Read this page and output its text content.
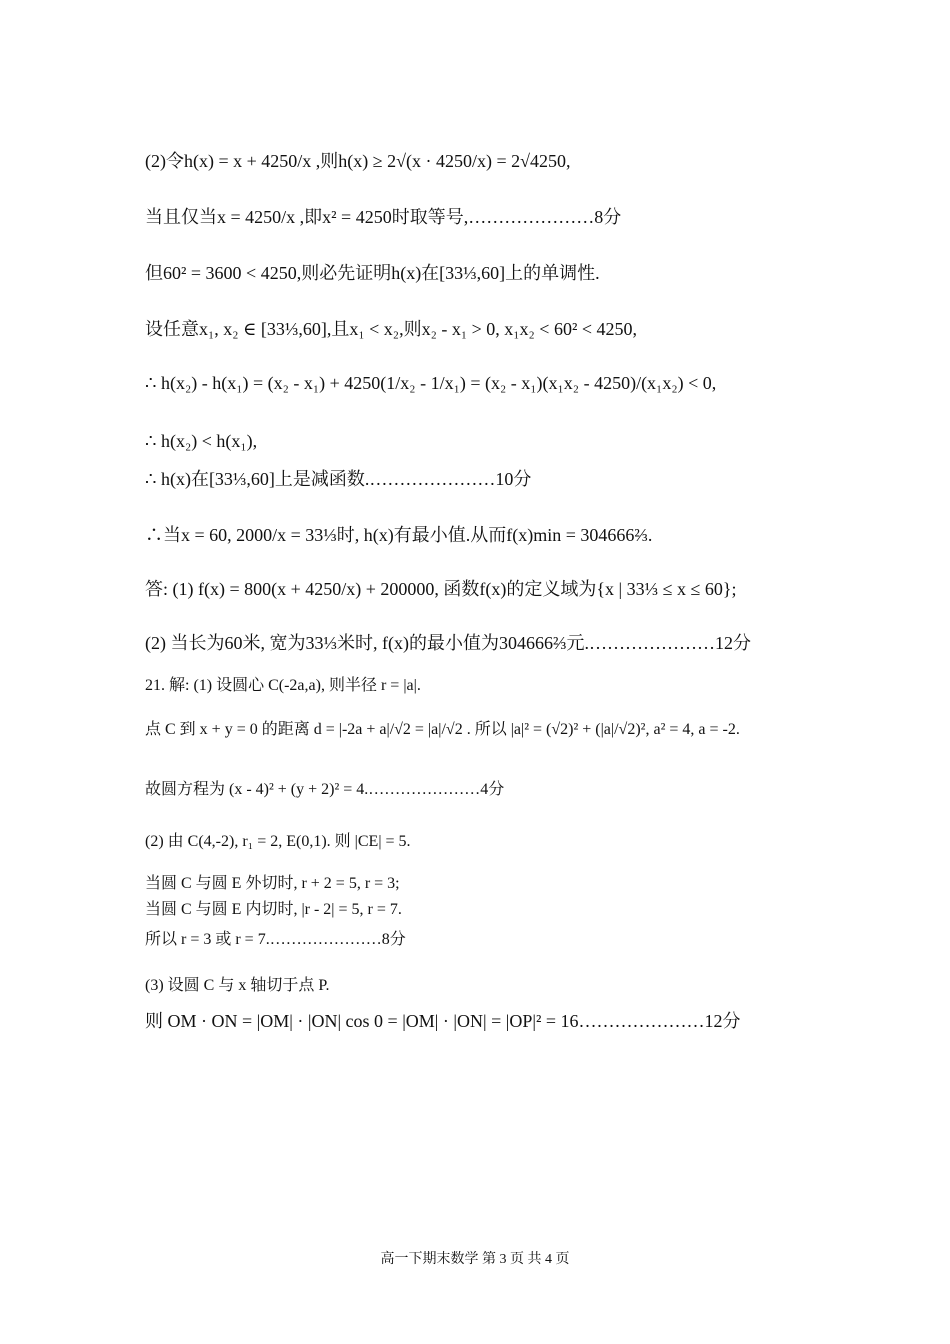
(2)令h(x) = x + 4250/x ,则h(x) ≥ 2√(x · 4250/x) = 2√4250,
当且仅当x = 4250/x ,即x² = 4250时取等号,…………………8分
但60² = 3600 < 4250,则必先证明h(x)在[33⅓,60]上的单调性.
设任意x₁, x₂ ∈ [33⅓,60],且x₁ < x₂,则x₂ - x₁ > 0, x₁x₂ < 60² < 4250,
∴ h(x₂) - h(x₁) = (x₂ - x₁) + 4250(1/x₂ - 1/x₁) = (x₂ - x₁)(x₁x₂ - 4250)/(x₁x₂) < 0,
∴ h(x₂) < h(x₁),
∴ h(x)在[33⅓,60]上是减函数.…………………10分
∴当x = 60, 2000/x = 33⅓时, h(x)有最小值.从而f(x)min = 304666⅔.
答: (1) f(x) = 800(x + 4250/x) + 200000, 函数f(x)的定义域为{x | 33⅓ ≤ x ≤ 60};
(2) 当长为60米, 宽为33⅓米时, f(x)的最小值为304666⅔元.…………………12分
21. 解: (1) 设圆心 C(-2a,a), 则半径 r = |a|.
点 C 到 x + y = 0 的距离 d = |-2a + a|/√2 = |a|/√2 . 所以 |a|² = (√2)² + (|a|/√2)², a² = 4, a = -2.
故圆方程为 (x - 4)² + (y + 2)² = 4.…………………4分
(2) 由 C(4,-2), r₁ = 2, E(0,1). 则 |CE| = 5.
当圆 C 与圆 E 外切时, r + 2 = 5, r = 3;
当圆 C 与圆 E 内切时, |r - 2| = 5, r = 7.
所以 r = 3 或 r = 7.…………………8分
(3) 设圆 C 与 x 轴切于点 P.
则 OM · ON = |OM| · |ON| cos 0 = |OM| · |ON| = |OP|² = 16…………………12分
高一下期末数学 第 3 页 共 4 页
